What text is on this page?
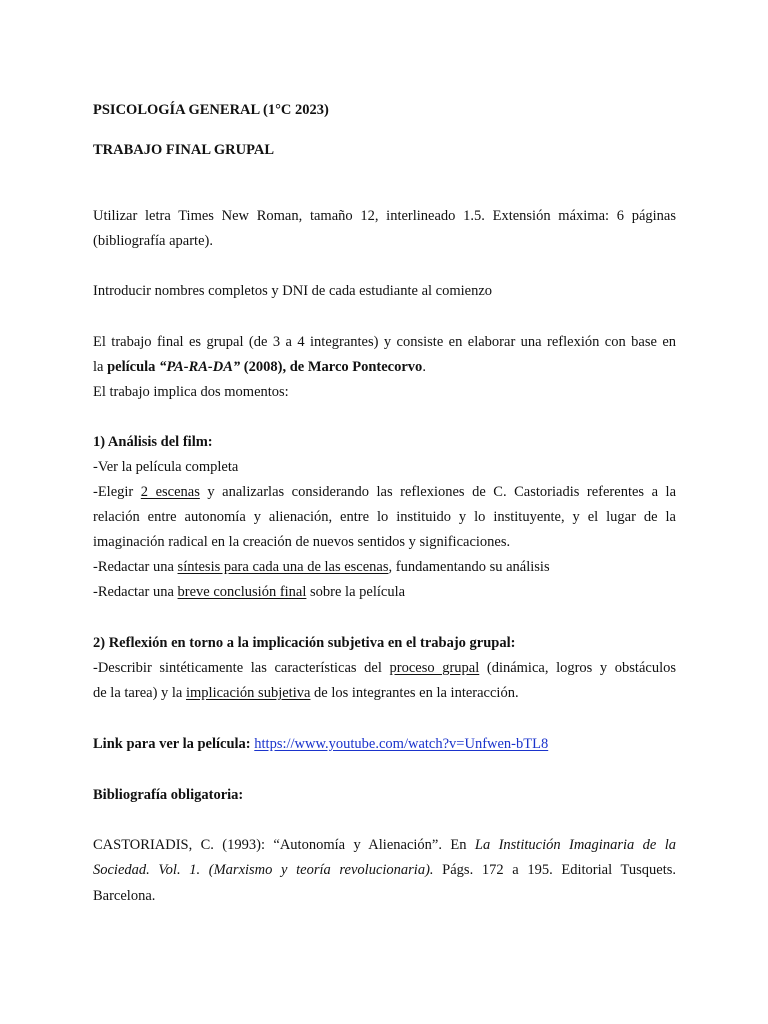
PSICOLOGÍA GENERAL (1°C 2023)
TRABAJO FINAL GRUPAL
Utilizar letra Times New Roman, tamaño 12, interlineado 1.5. Extensión máxima: 6 páginas
(bibliografía aparte).
Introducir nombres completos y DNI de cada estudiante al comienzo
El trabajo final es grupal (de 3 a 4 integrantes) y consiste en elaborar una reflexión con base en
la película “PA-RA-DA” (2008), de Marco Pontecorvo.
El trabajo implica dos momentos:
1) Análisis del film:
-Ver la película completa
-Elegir 2 escenas y analizarlas considerando las reflexiones de C. Castoriadis referentes a la
relación entre autonomía y alienación, entre lo instituido y lo instituyente, y el lugar de la
imaginación radical en la creación de nuevos sentidos y significaciones.
-Redactar una síntesis para cada una de las escenas, fundamentando su análisis
-Redactar una breve conclusión final sobre la película
2) Reflexión en torno a la implicación subjetiva en el trabajo grupal:
-Describir sintéticamente las características del proceso grupal (dinámica, logros y obstáculos
de la tarea) y la implicación subjetiva de los integrantes en la interacción.
Link para ver la película: https://www.youtube.com/watch?v=Unfwen-bTL8
Bibliografía obligatoria:
CASTORIADIS, C. (1993): “Autonomía y Alienación”. En La Institución Imaginaria de la
Sociedad. Vol. 1. (Marxismo y teoría revolucionaria). Págs. 172 a 195. Editorial Tusquets.
Barcelona.
